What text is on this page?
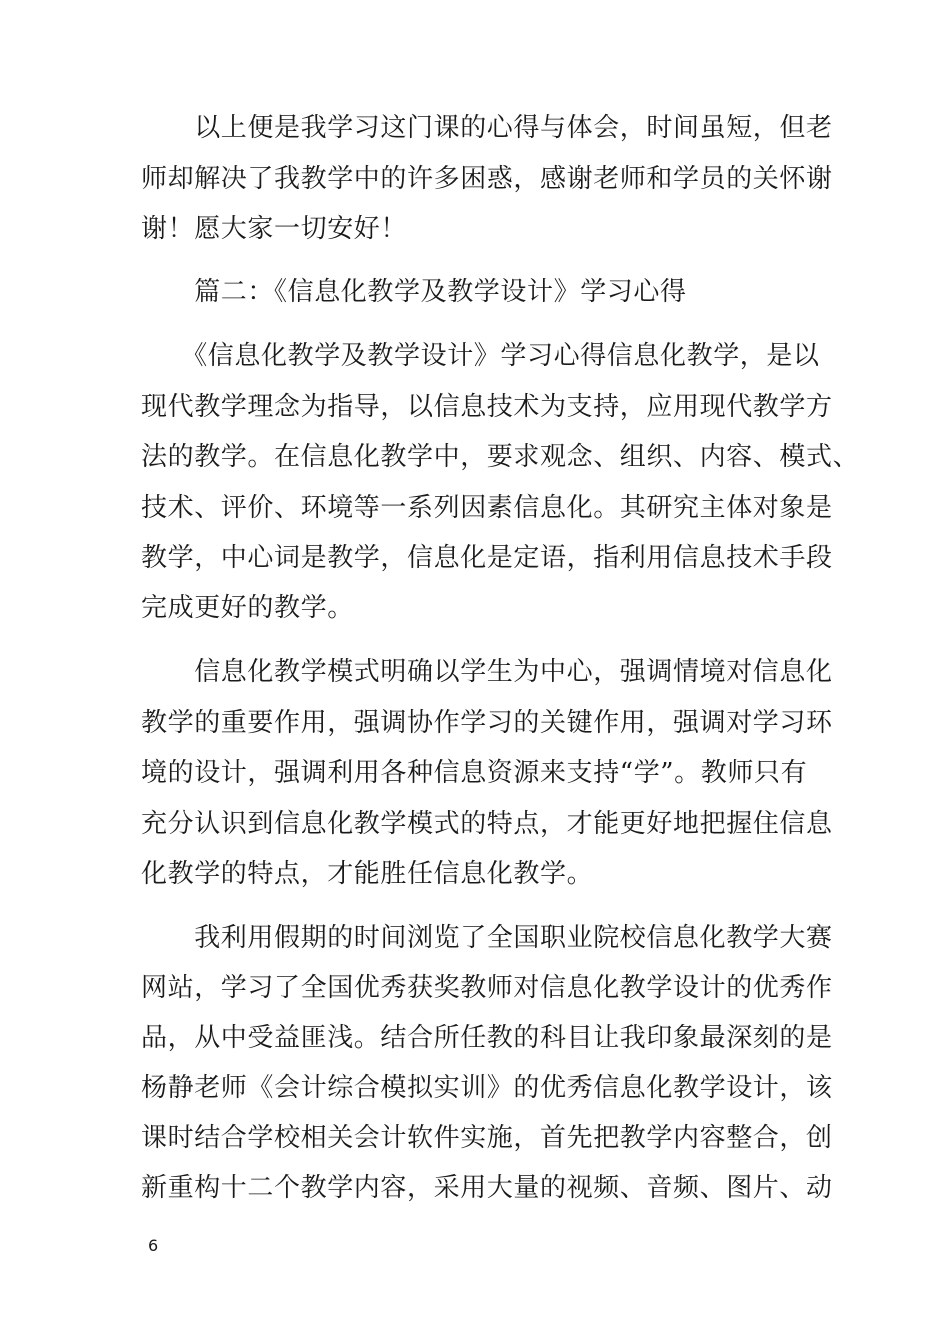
　　以上便是我学习这门课的心得与体会，时间虽短，但老
师却解决了我教学中的许多困惑，感谢老师和学员的关怀谢
谢！愿大家一切安好！
　　篇二：《信息化教学及教学设计》学习心得
　　《信息化教学及教学设计》学习心得信息化教学，是以
现代教学理念为指导，以信息技术为支持，应用现代教学方
法的教学。在信息化教学中，要求观念、组织、内容、模式、
技术、评价、环境等一系列因素信息化。其研究主体对象是
教学，中心词是教学，信息化是定语，指利用信息技术手段
完成更好的教学。
　　信息化教学模式明确以学生为中心，强调情境对信息化
教学的重要作用，强调协作学习的关键作用，强调对学习环
境的设计，强调利用各种信息资源来支持“学”。教师只有
充分认识到信息化教学模式的特点，才能更好地把握住信息
化教学的特点，才能胜任信息化教学。
　　我利用假期的时间浏览了全国职业院校信息化教学大赛
网站，学习了全国优秀获奖教师对信息化教学设计的优秀作
品，从中受益匪浅。结合所任教的科目让我印象最深刻的是
杨静老师《会计综合模拟实训》的优秀信息化教学设计，该
课时结合学校相关会计软件实施，首先把教学内容整合，创
新重构十二个教学内容，采用大量的视频、音频、图片、动
6
